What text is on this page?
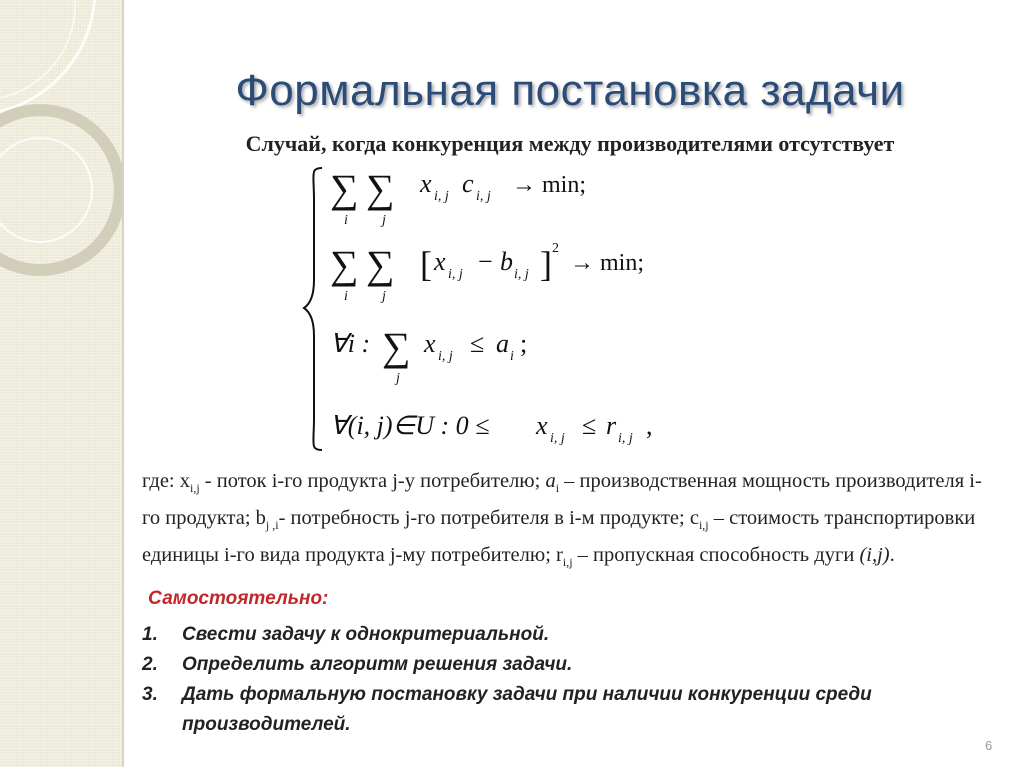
Формальная постановка задачи
Случай, когда конкуренция между производителями отсутствует
∑ ∑
i j
x i, j c i, j → min;
∑ ∑
i j
[ x i, j − b i, j ] 2
→ min;
∀i : ∑
j
x i, j ≤ a i ;
∀(i, j)∈U : 0 ≤ x i, j ≤ r i, j ,
где: $x_{i,j}$ - поток i-го продукта j-у потребителю; $a_i$ – производственная мощность производителя i-го продукта; $b_{j ,i}-$ потребность j-го потребителя в i-м продукте; $c_{i,j}$ – стоимость транспортировки единицы i-го вида продукта j-му потребителю; $r_{i,j}$ – пропускная способность дуги (i,j).
Самостоятельно:
1. Свести задачу к однокритериальной.
2. Определить алгоритм решения задачи.
3. Дать формальную постановку задачи при наличии конкуренции среди производителей.
6
